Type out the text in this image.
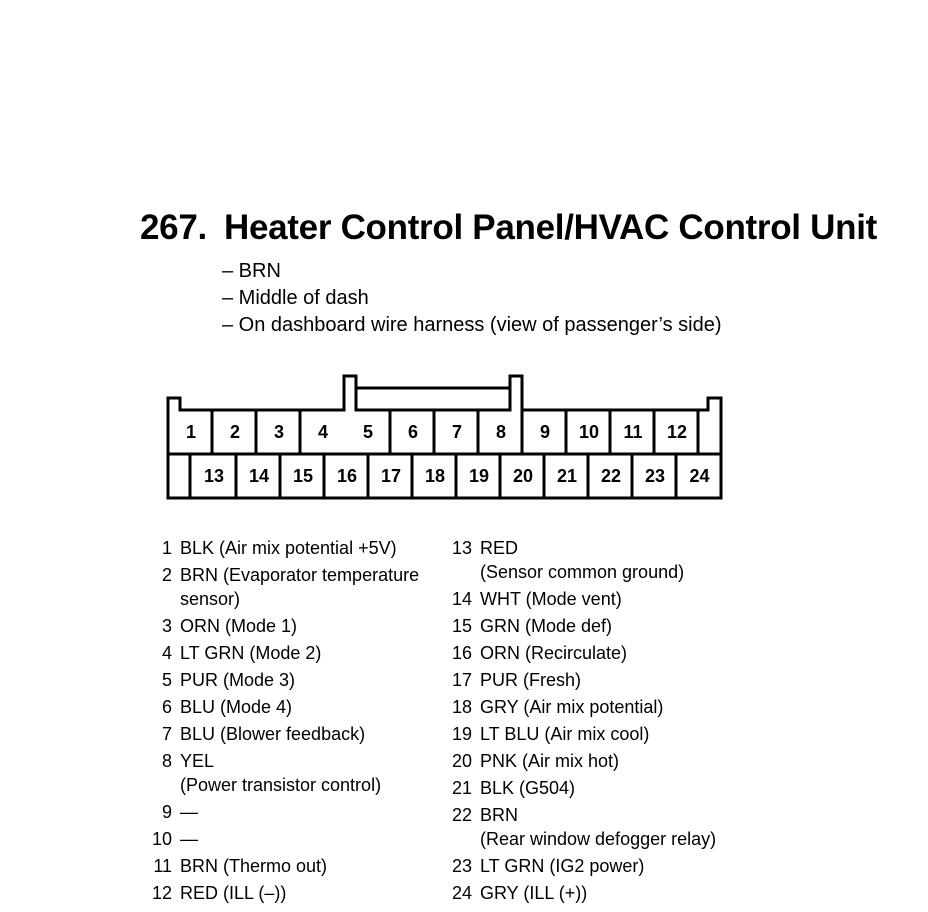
267. Heater Control Panel/HVAC Control Unit
– BRN
– Middle of dash
– On dashboard wire harness (view of passenger’s side)
1 2 3 4 5 6 7 8 9 10 11 12
13 14 15 16 17 18 19 20 21 22 23 24
1 BLK (Air mix potential +5V)
2 BRN (Evaporator temperature
sensor)
3 ORN (Mode 1)
4 LT GRN (Mode 2)
5 PUR (Mode 3)
6 BLU (Mode 4)
7 BLU (Blower feedback)
8 YEL
(Power transistor control)
9 —
10 —
11 BRN (Thermo out)
12 RED (ILL (–))
13 RED
(Sensor common ground)
14 WHT (Mode vent)
15 GRN (Mode def)
16 ORN (Recirculate)
17 PUR (Fresh)
18 GRY (Air mix potential)
19 LT BLU (Air mix cool)
20 PNK (Air mix hot)
21 BLK (G504)
22 BRN
(Rear window defogger relay)
23 LT GRN (IG2 power)
24 GRY (ILL (+))
